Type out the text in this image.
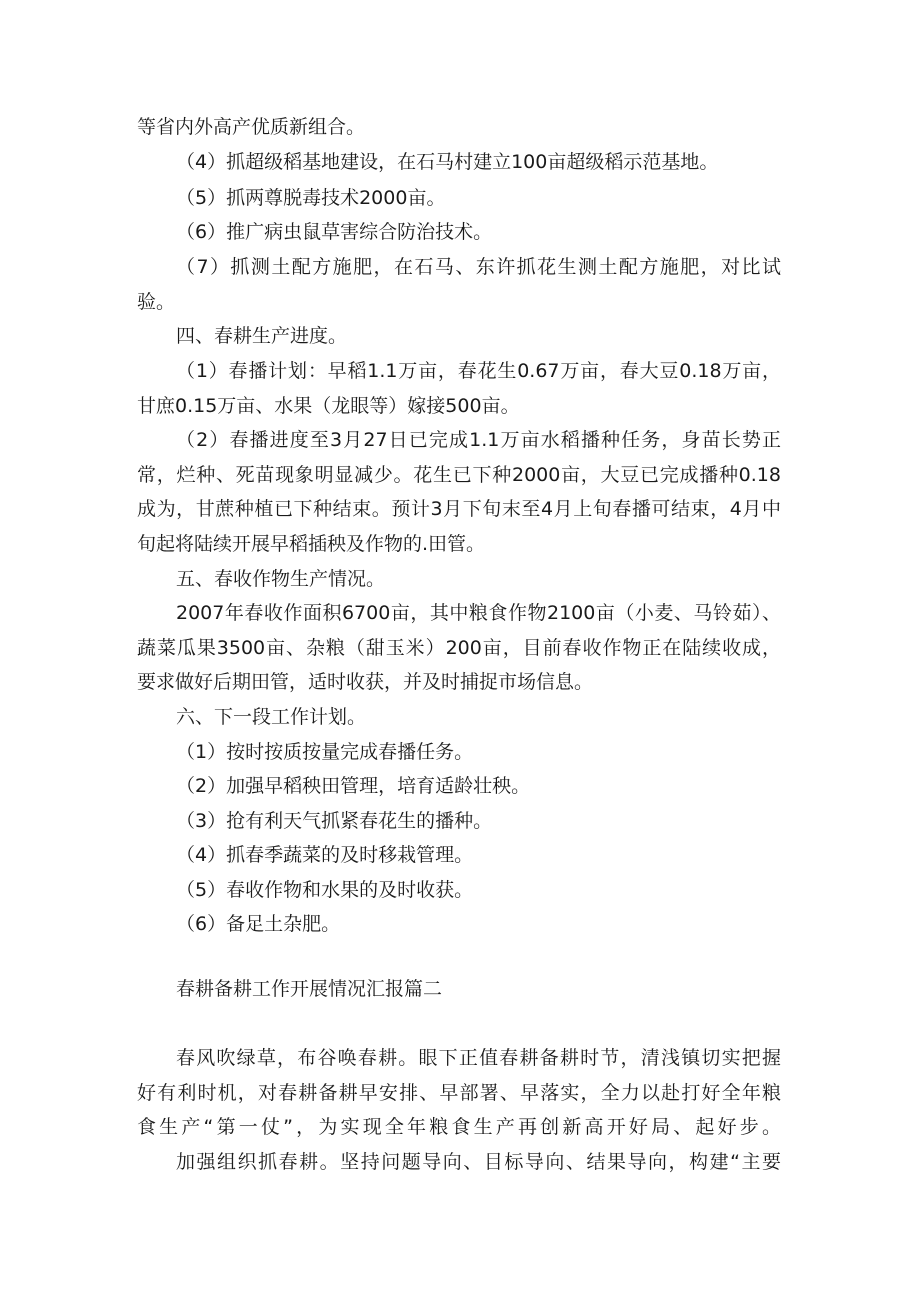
等省内外高产优质新组合。
（4）抓超级稻基地建设，在石马村建立100亩超级稻示范基地。
（5）抓两尊脱毒技术2000亩。
（6）推广病虫鼠草害综合防治技术。
（7）抓测土配方施肥，在石马、东许抓花生测土配方施肥，对比试
验。
四、春耕生产进度。
（1）春播计划：早稻1.1万亩，春花生0.67万亩，春大豆0.18万亩，
甘庶0.15万亩、水果（龙眼等）嫁接500亩。
（2）春播进度至3月27日已完成1.1万亩水稻播种任务，身苗长势正
常，烂种、死苗现象明显减少。花生已下种2000亩，大豆已完成播种0.18
成为，甘蔗种植已下种结束。预计3月下旬末至4月上旬春播可结束，4月中
旬起将陆续开展早稻插秧及作物的.田管。
五、春收作物生产情况。
2007年春收作面积6700亩，其中粮食作物2100亩（小麦、马铃茹）、
蔬菜瓜果3500亩、杂粮（甜玉米）200亩，目前春收作物正在陆续收成，
要求做好后期田管，适时收获，并及时捕捉市场信息。
六、下一段工作计划。
（1）按时按质按量完成春播任务。
（2）加强早稻秧田管理，培育适龄壮秧。
（3）抢有利天气抓紧春花生的播种。
（4）抓春季蔬菜的及时移栽管理。
（5）春收作物和水果的及时收获。
（6）备足土杂肥。
春耕备耕工作开展情况汇报篇二
春风吹绿草，布谷唤春耕。眼下正值春耕备耕时节，清浅镇切实把握
好有利时机，对春耕备耕早安排、早部署、早落实，全力以赴打好全年粮
食生产“第一仗”，为实现全年粮食生产再创新高开好局、起好步。
加强组织抓春耕。坚持问题导向、目标导向、结果导向，构建“主要
